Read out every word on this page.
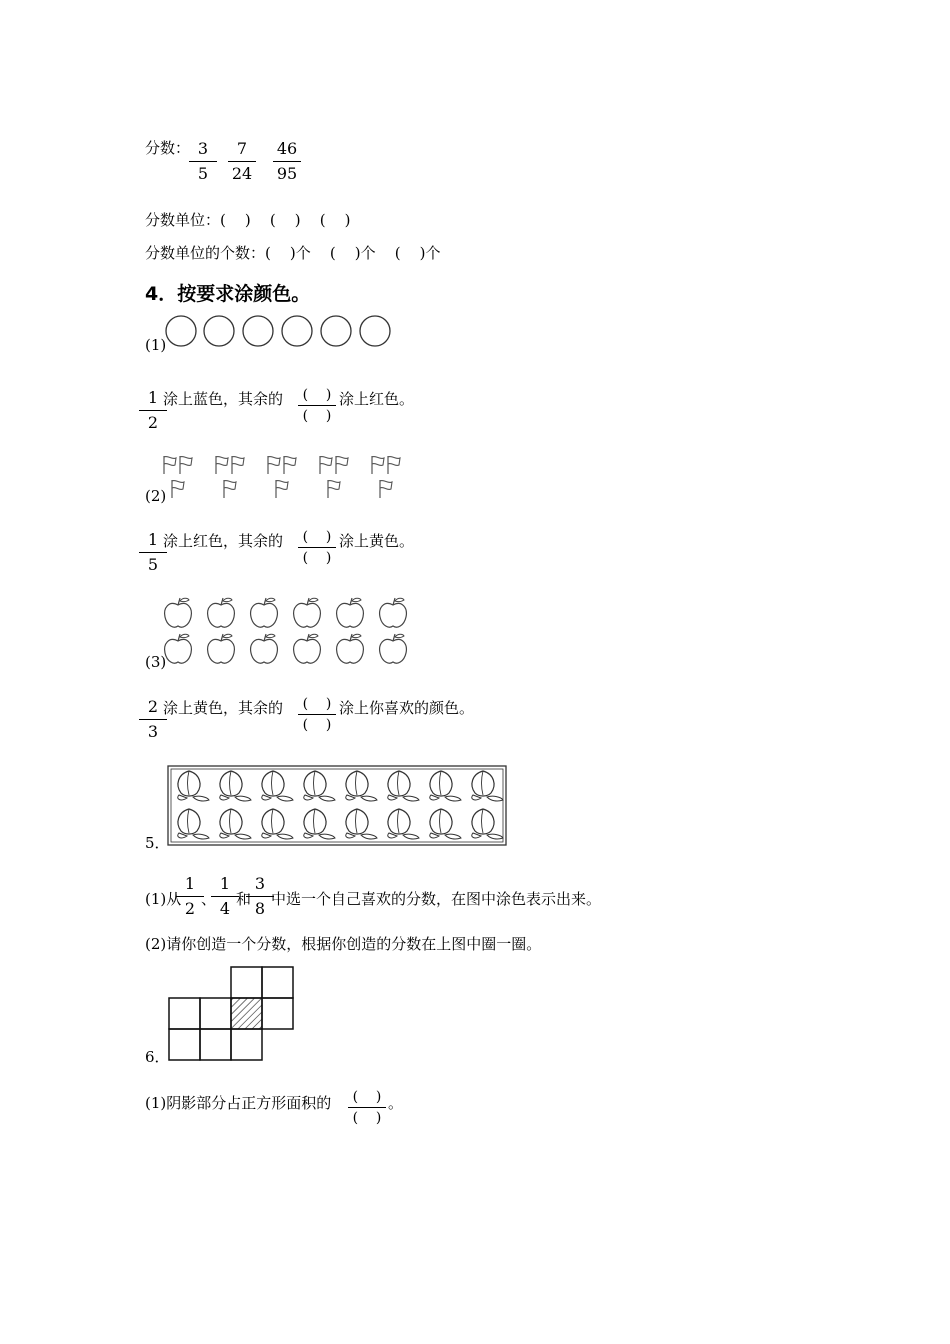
分数： 3
5
7
24
46
95
分数单位：(    )    (    )    (    )
分数单位的个数：(    )个    (    )个    (    )个
4．按要求涂颜色。
(1)
1
2
涂上蓝色，其余的	(    )
(    )
涂上红色。
(2)
1
5
涂上红色，其余的	(    )
(    )
涂上黄色。
(3)
2
3
涂上黄色，其余的	(    )
(    )
涂上你喜欢的颜色。
5．
(1)从
1
2 、
1
4 和
3
8 中选一个自己喜欢的分数，在图中涂色表示出来。
(2)请你创造一个分数，根据你创造的分数在上图中圈一圈。
6．
(1)阴影部分占正方形面积的	(    )
(    )
。
